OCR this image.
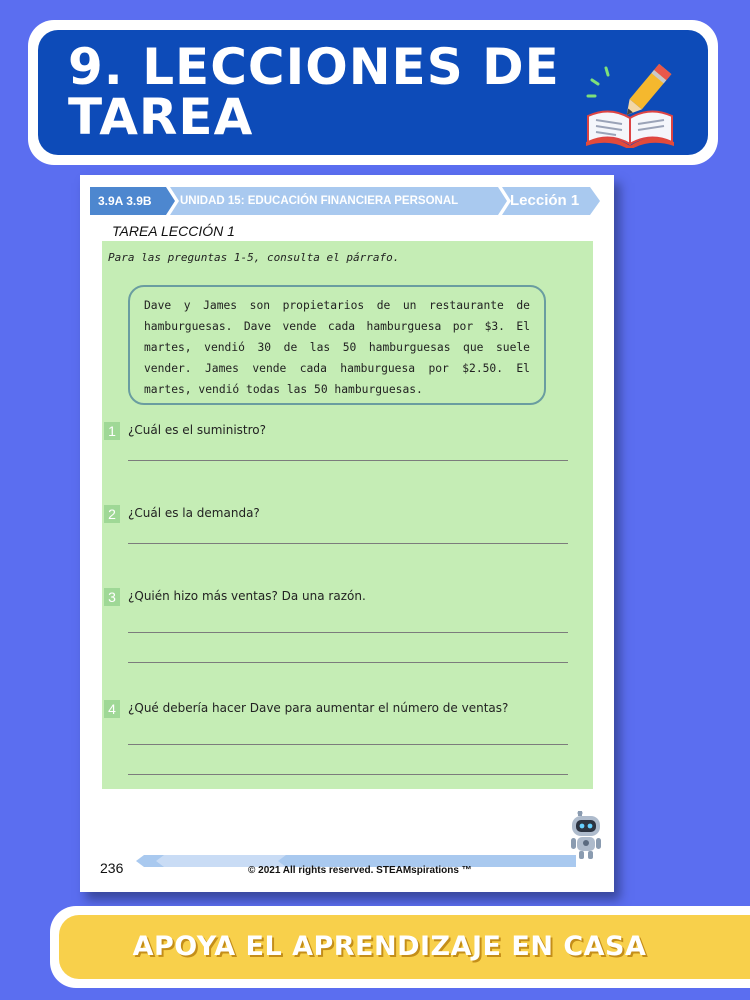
9. LECCIONES DE TAREA
3.9A 3.9B UNIDAD 15: EDUCACIÓN FINANCIERA PERSONAL	Lección 1
TAREA LECCIÓN 1
Para las preguntas 1-5, consulta el párrafo.
Dave y James son propietarios de un restaurante de hamburguesas. Dave vende cada hamburguesa por $3. El martes, vendió 30 de las 50 hamburguesas que suele vender. James vende cada hamburguesa por $2.50. El martes, vendió todas las 50 hamburguesas.
1	¿Cuál es el suministro?
2	¿Cuál es la demanda?
3	¿Quién hizo más ventas? Da una razón.
4	¿Qué debería hacer Dave para aumentar el número de ventas?
236	© 2021 All rights reserved. STEAMspirations ™
APOYA EL APRENDIZAJE EN CASA
